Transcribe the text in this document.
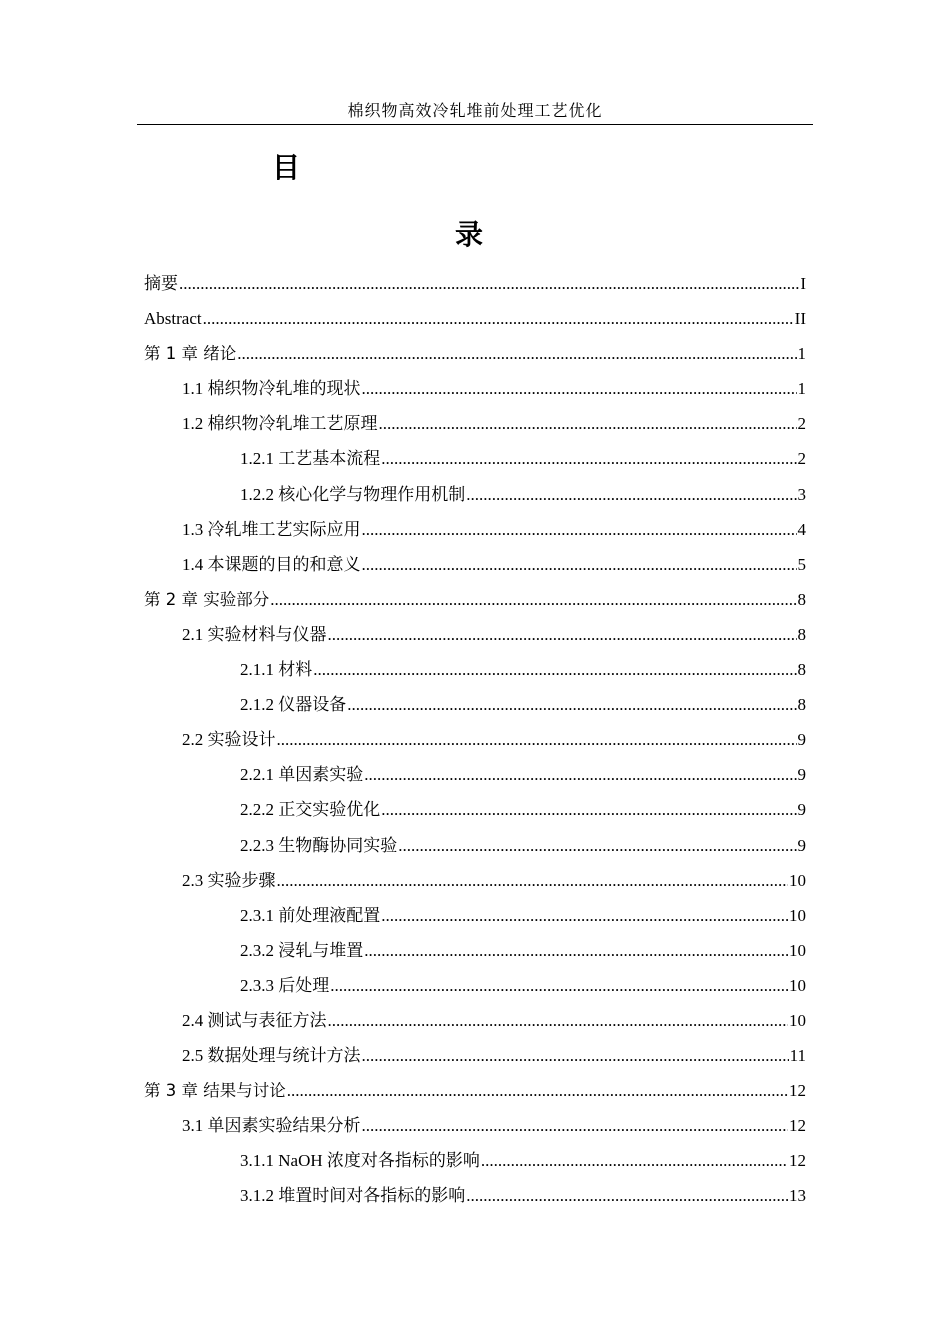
棉织物高效冷轧堆前处理工艺优化
目
录
摘要 .....	I
Abstract .....	II
第 1 章 绪论 .....	1
1.1 棉织物冷轧堆的现状 .....	1
1.2 棉织物冷轧堆工艺原理 .....	2
1.2.1 工艺基本流程 .....	2
1.2.2 核心化学与物理作用机制 .....	3
1.3 冷轧堆工艺实际应用 .....	4
1.4 本课题的目的和意义 .....	5
第 2 章 实验部分 .....	8
2.1 实验材料与仪器 .....	8
2.1.1 材料 .....	8
2.1.2 仪器设备 .....	8
2.2 实验设计 .....	9
2.2.1 单因素实验 .....	9
2.2.2 正交实验优化 .....	9
2.2.3 生物酶协同实验 .....	9
2.3 实验步骤 .....	10
2.3.1 前处理液配置 .....	10
2.3.2 浸轧与堆置 .....	10
2.3.3 后处理 .....	10
2.4 测试与表征方法 .....	10
2.5 数据处理与统计方法 .....	11
第 3 章 结果与讨论 .....	12
3.1 单因素实验结果分析 .....	12
3.1.1 NaOH 浓度对各指标的影响 .....	12
3.1.2 堆置时间对各指标的影响 .....	13
